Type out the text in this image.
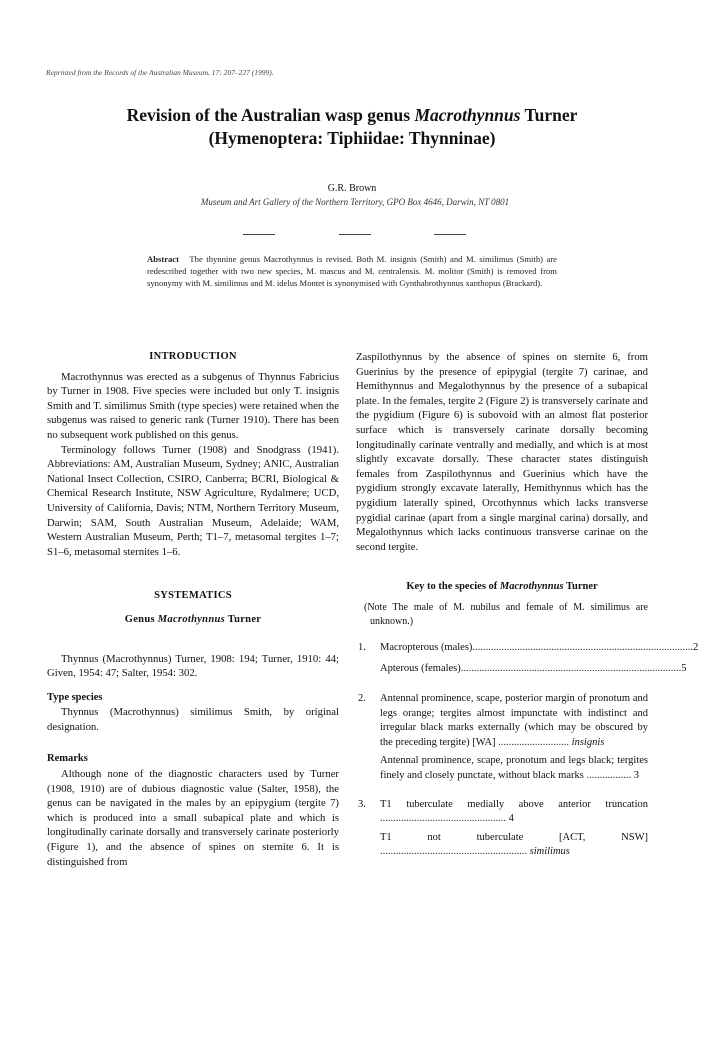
Reprinted from the Records of the Australian Museum, 17: 207–227 (1999).
Revision of the Australian wasp genus Macrothynnus Turner
(Hymenoptera: Tiphiidae: Thynninae)
G.R. Brown
Museum and Art Gallery of the Northern Territory, GPO Box 4646, Darwin, NT 0801
Abstract The thynnine genus Macrothynnus is revised. Both M. insignis (Smith) and M. similimus (Smith) are redescribed together with two new species, M. mascus and M. centralensis. M. molitor (Smith) is removed from synonymy with M. similimus and M. idelus Montet is synonymised with Gynthabrothynnus xanthopus (Brackard).
INTRODUCTION

Macrothynnus was erected as a subgenus of Thynnus Fabricius by Turner in 1908. Five species were included but only T. insignis Smith and T. similimus Smith (type species) were retained when the subgenus was raised to generic rank (Turner 1910). There has been no subsequent work published on this genus.

Terminology follows Turner (1908) and Snodgrass (1941). Abbreviations: AM, Australian Museum, Sydney; ANIC, Australian National Insect Collection, CSIRO, Canberra; BCRI, Biological & Chemical Research Institute, NSW Agriculture, Rydalmere; UCD, University of California, Davis; NTM, Northern Territory Museum, Darwin; SAM, South Australian Museum, Adelaide; WAM, Western Australian Museum, Perth; T1–7, metasomal tergites 1–7; S1–6, metasomal sternites 1–6.

SYSTEMATICS
Genus Macrothynnus Turner

Thynnus (Macrothynnus) Turner, 1908: 194; Turner, 1910: 44; Given, 1954: 47; Salter, 1954: 302.

Type species

Thynnus (Macrothynnus) similimus Smith, by original designation.

Remarks

Although none of the diagnostic characters used by Turner (1908, 1910) are of dubious diagnostic value (Salter, 1958), the genus can be navigated in the males by an epipygium (tergite 7) which is produced into a small subapical plate and which is longitudinally carinate dorsally and transversely carinate posteriorly (Figure 1), and the absence of spines on sternite 6. It is distinguished from

Zaspilothynnus by the absence of spines on sternite 6, from Guerinius by the presence of epipygial (tergite 7) carinae, and Hemithynnus and Megalothynnus by the presence of a subapical plate. In the females, tergite 2 (Figure 2) is transversely carinate and the pygidium (Figure 6) is subovoid with an almost flat posterior surface which is transversely carinate dorsally becoming longitudinally carinate ventrally and medially, and which is at most slightly excavate dorsally. These character states distinguish females from Zaspilothynnus and Guerinius which have the pygidium strongly excavate laterally, Hemithynnus which has the pygidium laterally spined, Orcothynnus which lacks transverse pygidial carinae (apart from a single marginal carina) dorsally, and Megalothynnus which lacks continuous transverse carinae on the second tergite.

Key to the species of Macrothynnus Turner
(Note The male of M. nubilus and female of M. similimus are unknown.)
1. Macropterous (males) .................................................................................... 2
Apterous (females) .................................................................................... 5
2. Antennal prominence, scape, posterior margin of pronotum and legs orange; tergites almost impunctate with indistinct and irregular black marks externally (which may be obscured by the preceding tergite) [WA] ........................... insignis
Antennal prominence, scape, pronotum and legs black; tergites finely and closely punctate, without black marks ................. 3
3. T1 tuberculate medially above anterior truncation ................................................ 4
T1 not tuberculate [ACT, NSW] ........................................................ similimus
